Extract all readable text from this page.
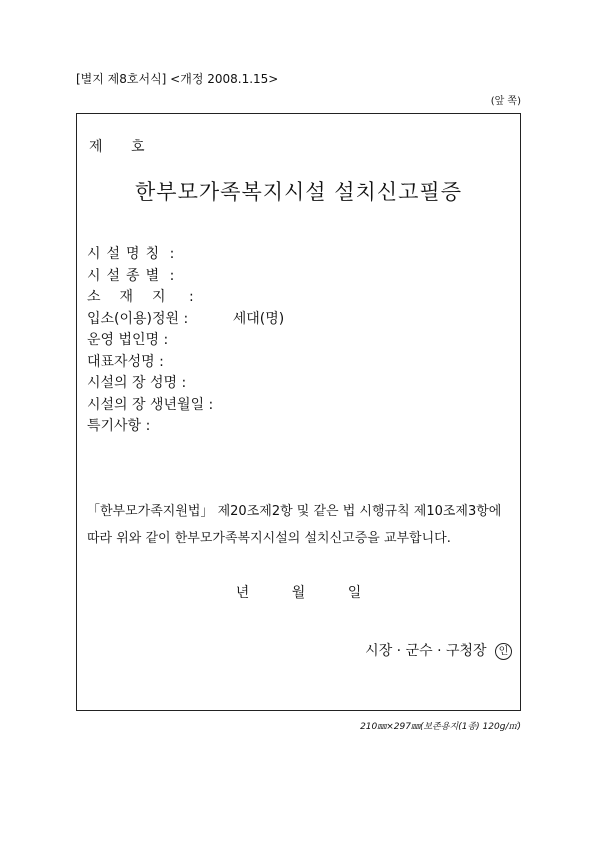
[별지 제8호서식] <개정 2008.1.15>
(앞 쪽)
제 호
한부모가족복지시설 설치신고필증
시설명칭 :
시설종별 :
소재지 :
입소(이용)정원 :	세대(명)
운영 법인명 :
대표자성명 :
시설의 장 성명 :
시설의 장 생년월일 :
특기사항 :
「한부모가족지원법」 제20조제2항 및 같은 법 시행규칙 제10조제3항에 따라 위와 같이 한부모가족복지시설의 설치신고증을 교부합니다.
년	월	일
시장 · 군수 · 구청장 인
210㎜×297㎜(보존용지(1종) 120g/㎡)
